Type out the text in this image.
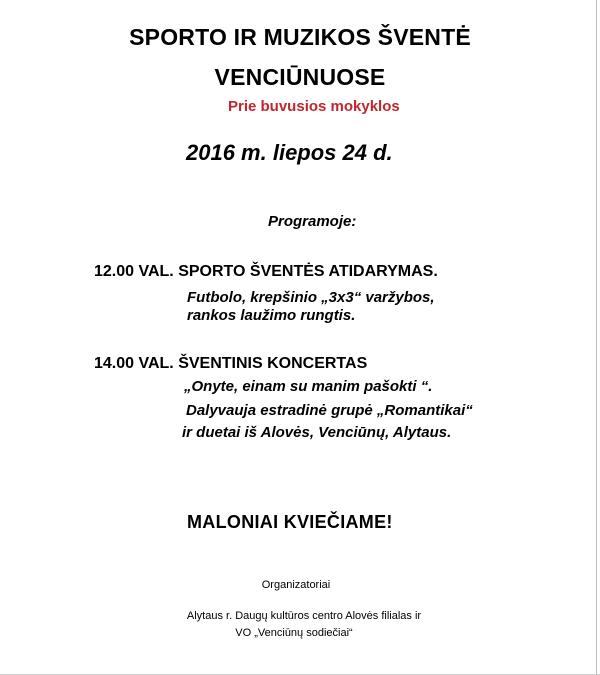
SPORTO IR MUZIKOS ŠVENTĖ
VENCIŪNUOSE
Prie buvusios mokyklos
2016 m. liepos 24 d.
Programoje:
12.00 VAL. SPORTO ŠVENTĖS ATIDARYMAS.
Futbolo, krepšinio „3x3“ varžybos,
rankos laužimo rungtis.
14.00 VAL. ŠVENTINIS KONCERTAS
„Onyte, einam su manim pašokti “.
Dalyvauja estradinė grupė „Romantikai“
ir duetai iš Alovės, Venciūnų, Alytaus.
MALONIAI KVIEČIAME!
Organizatoriai
Alytaus r. Daugų kultūros centro Alovės filialas ir
VO „Venciūnų sodiečiai“
